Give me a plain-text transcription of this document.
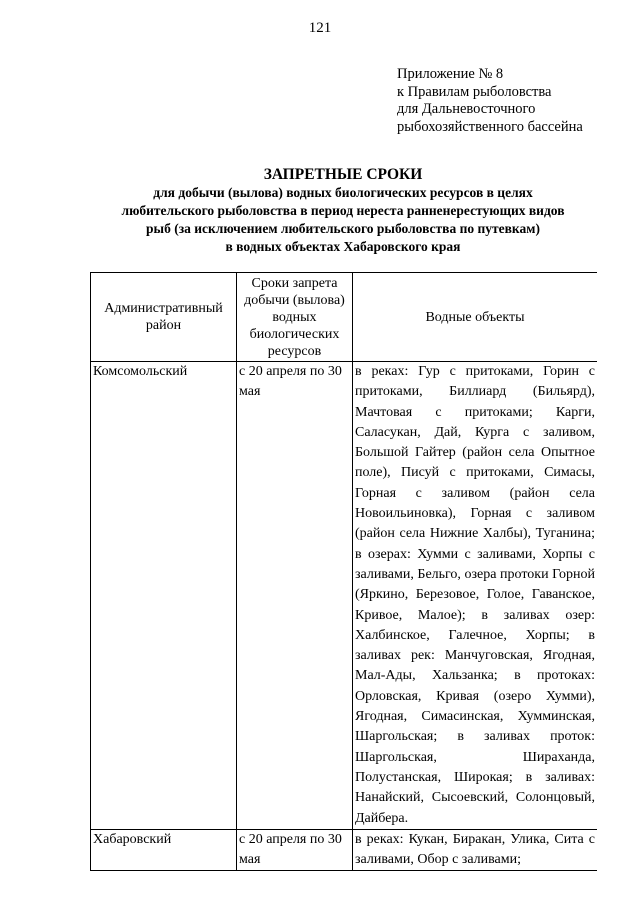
121
Приложение № 8
к Правилам рыболовства
для Дальневосточного
рыбохозяйственного бассейна
ЗАПРЕТНЫЕ СРОКИ
для добычи (вылова) водных биологических ресурсов в целях
любительского рыболовства в период нереста ранненерестующих видов
рыб (за исключением любительского рыболовства по путевкам)
в водных объектах Хабаровского края
Административный район	Сроки запрета добычи (вылова) водных биологических ресурсов	Водные объекты
Комсомольский	с 20 апреля по 30 мая	в реках: Гур с притоками, Горин с притоками, Биллиард (Бильярд), Мачтовая с притоками; Карги, Саласукан, Дай, Курга с заливом, Большой Гайтер (район села Опытное поле), Писуй с притоками, Симасы, Горная с заливом (район села Новоильиновка), Горная с заливом (район села Нижние Халбы), Туганина; в озерах: Хумми с заливами, Хорпы с заливами, Бельго, озера протоки Горной (Яркино, Березовое, Голое, Гаванское, Кривое, Малое); в заливах озер: Халбинское, Галечное, Хорпы; в заливах рек: Манчуговская, Ягодная, Мал-Ады, Хальзанка; в протоках: Орловская, Кривая (озеро Хумми), Ягодная, Симасинская, Хумминская, Шаргольская; в заливах проток: Шаргольская, Шираханда, Полустанская, Широкая; в заливах: Нанайский, Сысоевский, Солонцовый, Дайбера.
Хабаровский	с 20 апреля по 30 мая	в реках: Кукан, Биракан, Улика, Сита с заливами, Обор с заливами;
